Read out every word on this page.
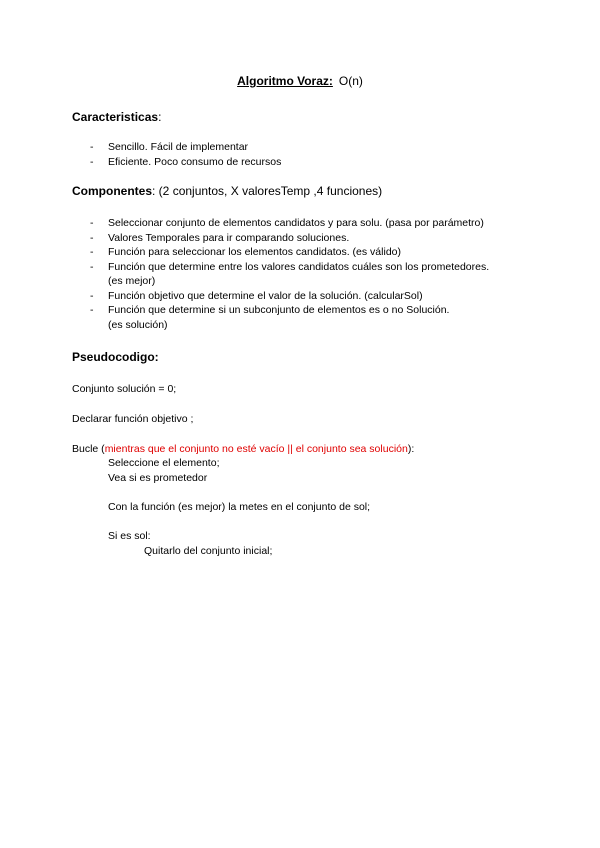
Algoritmo Voraz: O(n)
Caracteristicas:
- Sencillo. Fácil de implementar
- Eficiente. Poco consumo de recursos
Componentes: (2 conjuntos, X valoresTemp ,4 funciones)
- Seleccionar conjunto de elementos candidatos y para solu. (pasa por parámetro)
- Valores Temporales para ir comparando soluciones.
- Función para seleccionar los elementos candidatos. (es válido)
- Función que determine entre los valores candidatos cuáles son los prometedores.
(es mejor)
- Función objetivo que determine el valor de la solución. (calcularSol)
- Función que determine si un subconjunto de elementos es o no Solución.
(es solución)
Pseudocodigo:
Conjunto solución = 0;
Declarar función objetivo ;
Bucle (mientras que el conjunto no esté vacío || el conjunto sea solución):
Seleccione el elemento;
Vea si es prometedor
Con la función (es mejor) la metes en el conjunto de sol;
Si es sol:
Quitarlo del conjunto inicial;
